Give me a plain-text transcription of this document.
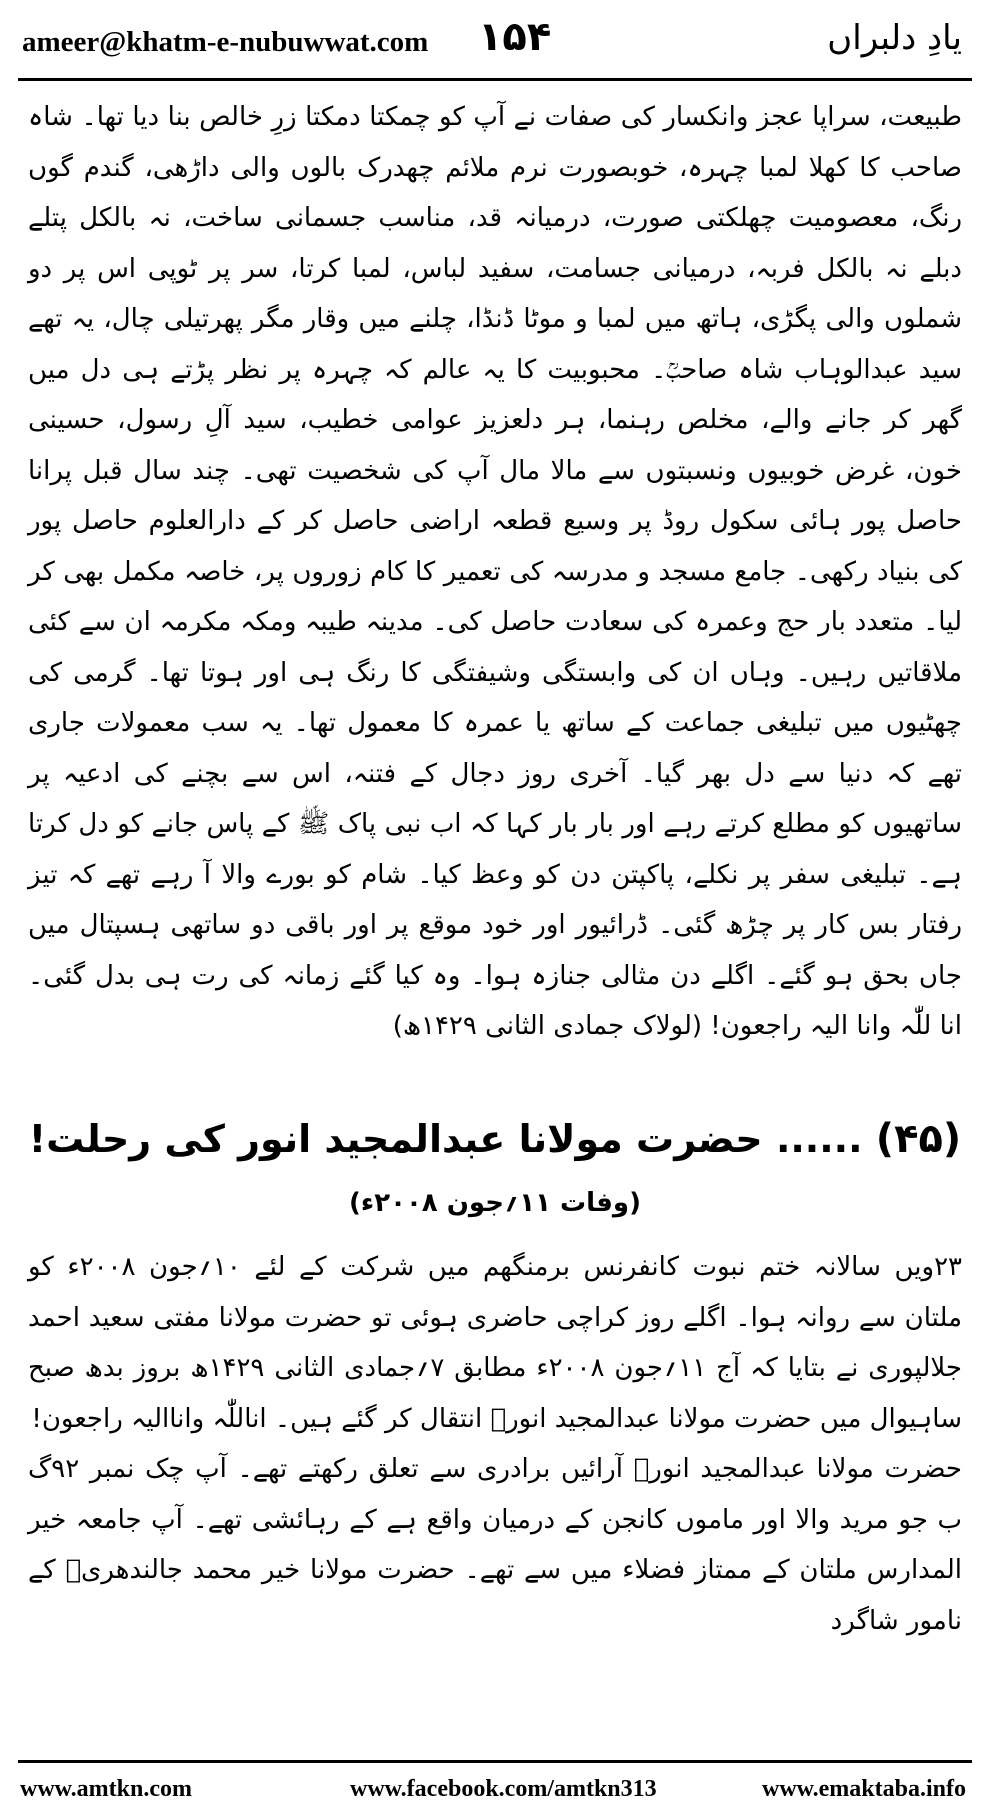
ameer@khatm-e-nubuwwat.com ۱۵۴	یادِ دلبراں

طبیعت، سراپا عجز وانکسار کی صفات نے آپ کو چمکتا دمکتا زرِ خالص بنا دیا تھا۔ شاہ صاحب کا کھلا لمبا چہرہ، خوبصورت نرم ملائم چھدرک بالوں والی داڑھی، گندم گوں رنگ، معصومیت چھلکتی صورت، درمیانہ قد، مناسب جسمانی ساخت، نہ بالکل پتلے دبلے نہ بالکل فربہ، درمیانی جسامت، سفید لباس، لمبا کرتا، سر پر ٹوپی اس پر دو شملوں والی پگڑی، ہاتھ میں لمبا و موٹا ڈنڈا، چلنے میں وقار مگر پھرتیلی چال، یہ تھے سید عبدالوہاب شاہ صاحبؒ۔ محبوبیت کا یہ عالم کہ چہرہ پر نظر پڑتے ہی دل میں گھر کر جانے والے، مخلص رہنما، ہر دلعزیز عوامی خطیب، سید آلِ رسول، حسینی خون، غرض خوبیوں ونسبتوں سے مالا مال آپ کی شخصیت تھی۔ چند سال قبل پرانا حاصل پور ہائی سکول روڈ پر وسیع قطعہ اراضی حاصل کر کے دارالعلوم حاصل پور کی بنیاد رکھی۔ جامع مسجد و مدرسہ کی تعمیر کا کام زوروں پر، خاصہ مکمل بھی کر لیا۔ متعدد بار حج وعمرہ کی سعادت حاصل کی۔ مدینہ طیبہ ومکہ مکرمہ ان سے کئی ملاقاتیں رہیں۔ وہاں ان کی وابستگی وشیفتگی کا رنگ ہی اور ہوتا تھا۔ گرمی کی چھٹیوں میں تبلیغی جماعت کے ساتھ یا عمرہ کا معمول تھا۔ یہ سب معمولات جاری تھے کہ دنیا سے دل بھر گیا۔ آخری روز دجال کے فتنہ، اس سے بچنے کی ادعیہ پر ساتھیوں کو مطلع کرتے رہے اور بار بار کہا کہ اب نبی پاک ﷺ کے پاس جانے کو دل کرتا ہے۔ تبلیغی سفر پر نکلے، پاکپتن دن کو وعظ کیا۔ شام کو بورے والا آ رہے تھے کہ تیز رفتار بس کار پر چڑھ گئی۔ ڈرائیور اور خود موقع پر اور باقی دو ساتھی ہسپتال میں جاں بحق ہو گئے۔ اگلے دن مثالی جنازہ ہوا۔ وہ کیا گئے زمانہ کی رت ہی بدل گئی۔ انا للّٰہ وانا الیہ راجعون! (لولاک جمادی الثانی ۱۴۲۹ھ)

(۴۵) ...... حضرت مولانا عبدالمجید انور کی رحلت!
(وفات ۱۱؍جون ۲۰۰۸ء)

۲۳ویں سالانہ ختم نبوت کانفرنس برمنگھم میں شرکت کے لئے ۱۰؍جون ۲۰۰۸ء کو ملتان سے روانہ ہوا۔ اگلے روز کراچی حاضری ہوئی تو حضرت مولانا مفتی سعید احمد جلالپوری نے بتایا کہ آج ۱۱؍جون ۲۰۰۸ء مطابق ۷؍جمادی الثانی ۱۴۲۹ھ بروز بدھ صبح ساہیوال میں حضرت مولانا عبدالمجید انورؒ انتقال کر گئے ہیں۔ اناللّٰہ واناالیہ راجعون!

حضرت مولانا عبدالمجید انورؒ آرائیں برادری سے تعلق رکھتے تھے۔ آپ چک نمبر ۹۲گ ب جو مرید والا اور ماموں کانجن کے درمیان واقع ہے کے رہائشی تھے۔ آپ جامعہ خیر المدارس ملتان کے ممتاز فضلاء میں سے تھے۔ حضرت مولانا خیر محمد جالندھریؒ کے نامور شاگرد

www.amtkn.com	www.facebook.com/amtkn313	www.emaktaba.info
